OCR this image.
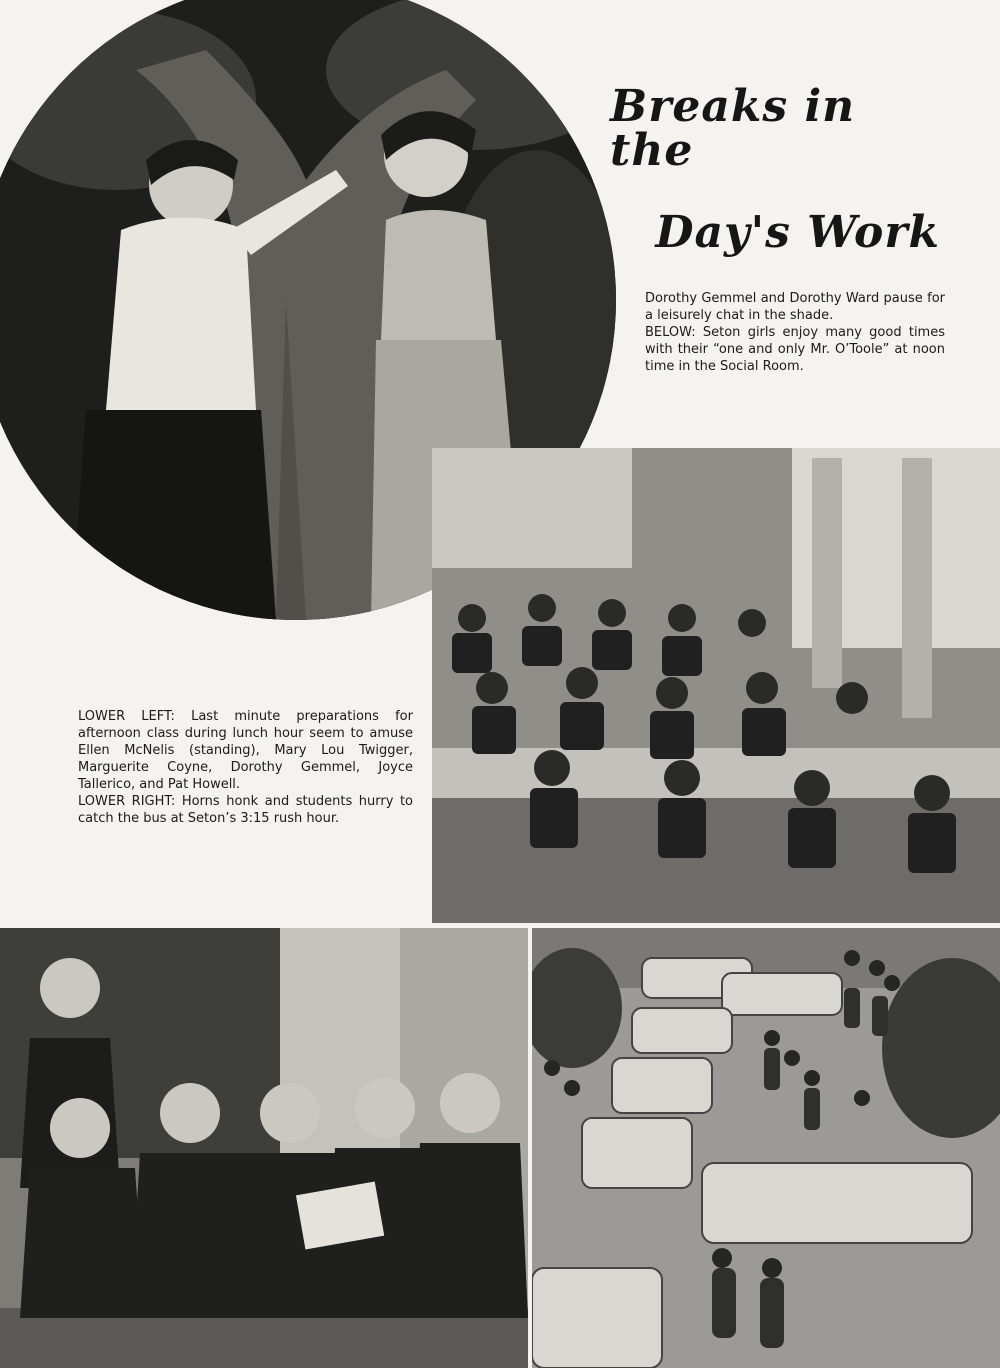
Breaks in the
Day's Work

Dorothy Gemmel and Dorothy Ward pause for a leisurely chat in the shade.

BELOW: Seton girls enjoy many good times with their “one and only Mr. O’Toole” at noon time in the Social Room.

LOWER LEFT: Last minute preparations for afternoon class during lunch hour seem to amuse Ellen McNelis (standing), Mary Lou Twigger, Marguerite Coyne, Dorothy Gemmel, Joyce Tallerico, and Pat Howell.

LOWER RIGHT: Horns honk and students hurry to catch the bus at Seton’s 3:15 rush hour.
